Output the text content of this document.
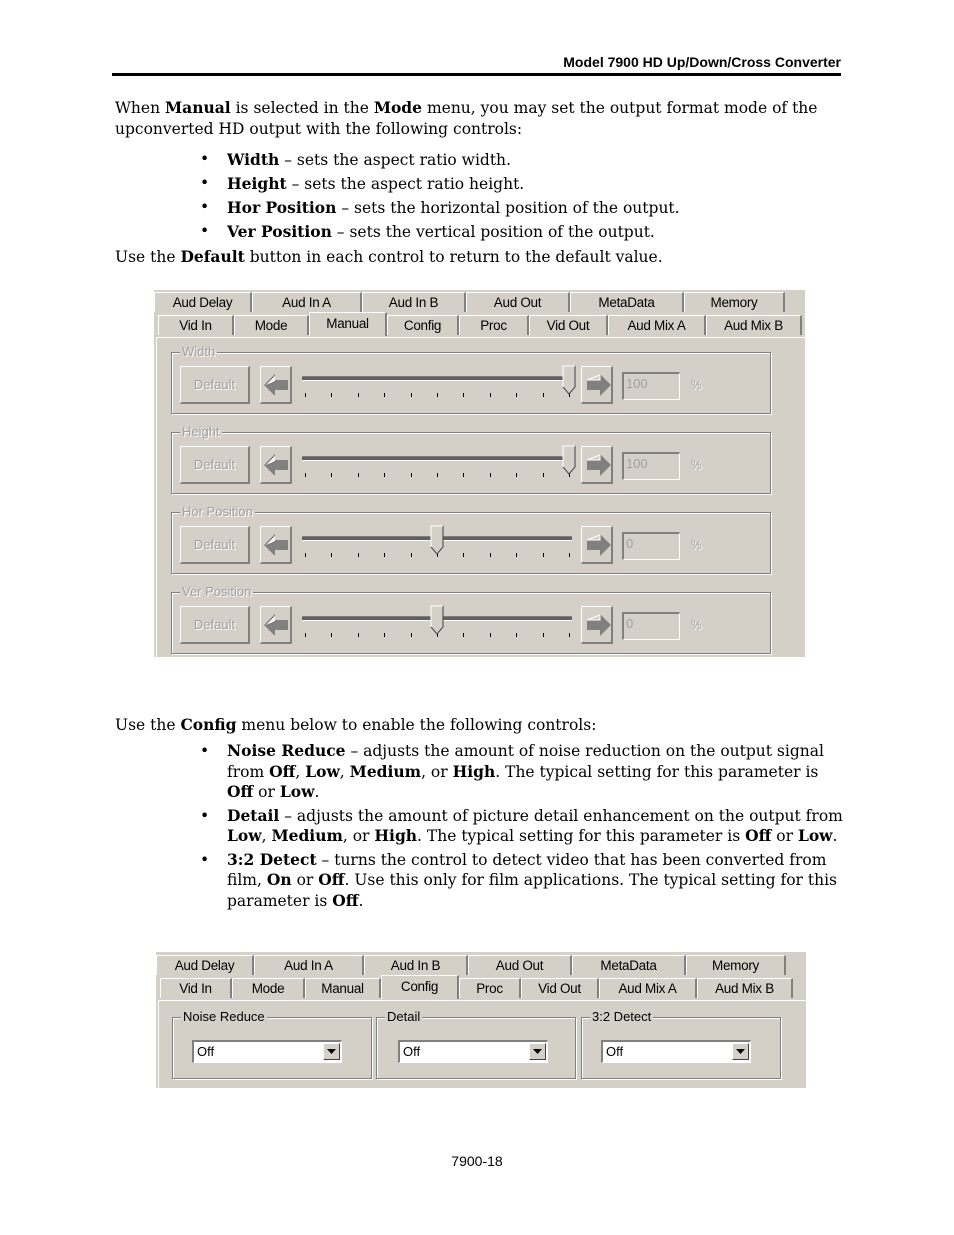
Model 7900 HD Up/Down/Cross Converter
When Manual is selected in the Mode menu, you may set the output format mode of the upconverted HD output with the following controls:
• Width – sets the aspect ratio width.
• Height – sets the aspect ratio height.
• Hor Position – sets the horizontal position of the output.
• Ver Position – sets the vertical position of the output.
Use the Default button in each control to return to the default value.
Aud Delay	Aud In A	Aud In B	Aud Out	MetaData	Memory
Vid In	Mode	Manual	Config	Proc	Vid Out	Aud Mix A	Aud Mix B
Width
Default	100	%
Height
Default	100	%
Hor Position
Default	0	%
Ver Position
Default	0	%
Use the Config menu below to enable the following controls:
• Noise Reduce – adjusts the amount of noise reduction on the output signal from Off, Low, Medium, or High. The typical setting for this parameter is Off or Low.
• Detail – adjusts the amount of picture detail enhancement on the output from Low, Medium, or High. The typical setting for this parameter is Off or Low.
• 3:2 Detect – turns the control to detect video that has been converted from film, On or Off. Use this only for film applications. The typical setting for this parameter is Off.
Aud Delay	Aud In A	Aud In B	Aud Out	MetaData	Memory
Vid In	Mode	Manual	Config	Proc	Vid Out	Aud Mix A	Aud Mix B
Noise Reduce
Off
Detail
Off
3:2 Detect
Off
7900-18
